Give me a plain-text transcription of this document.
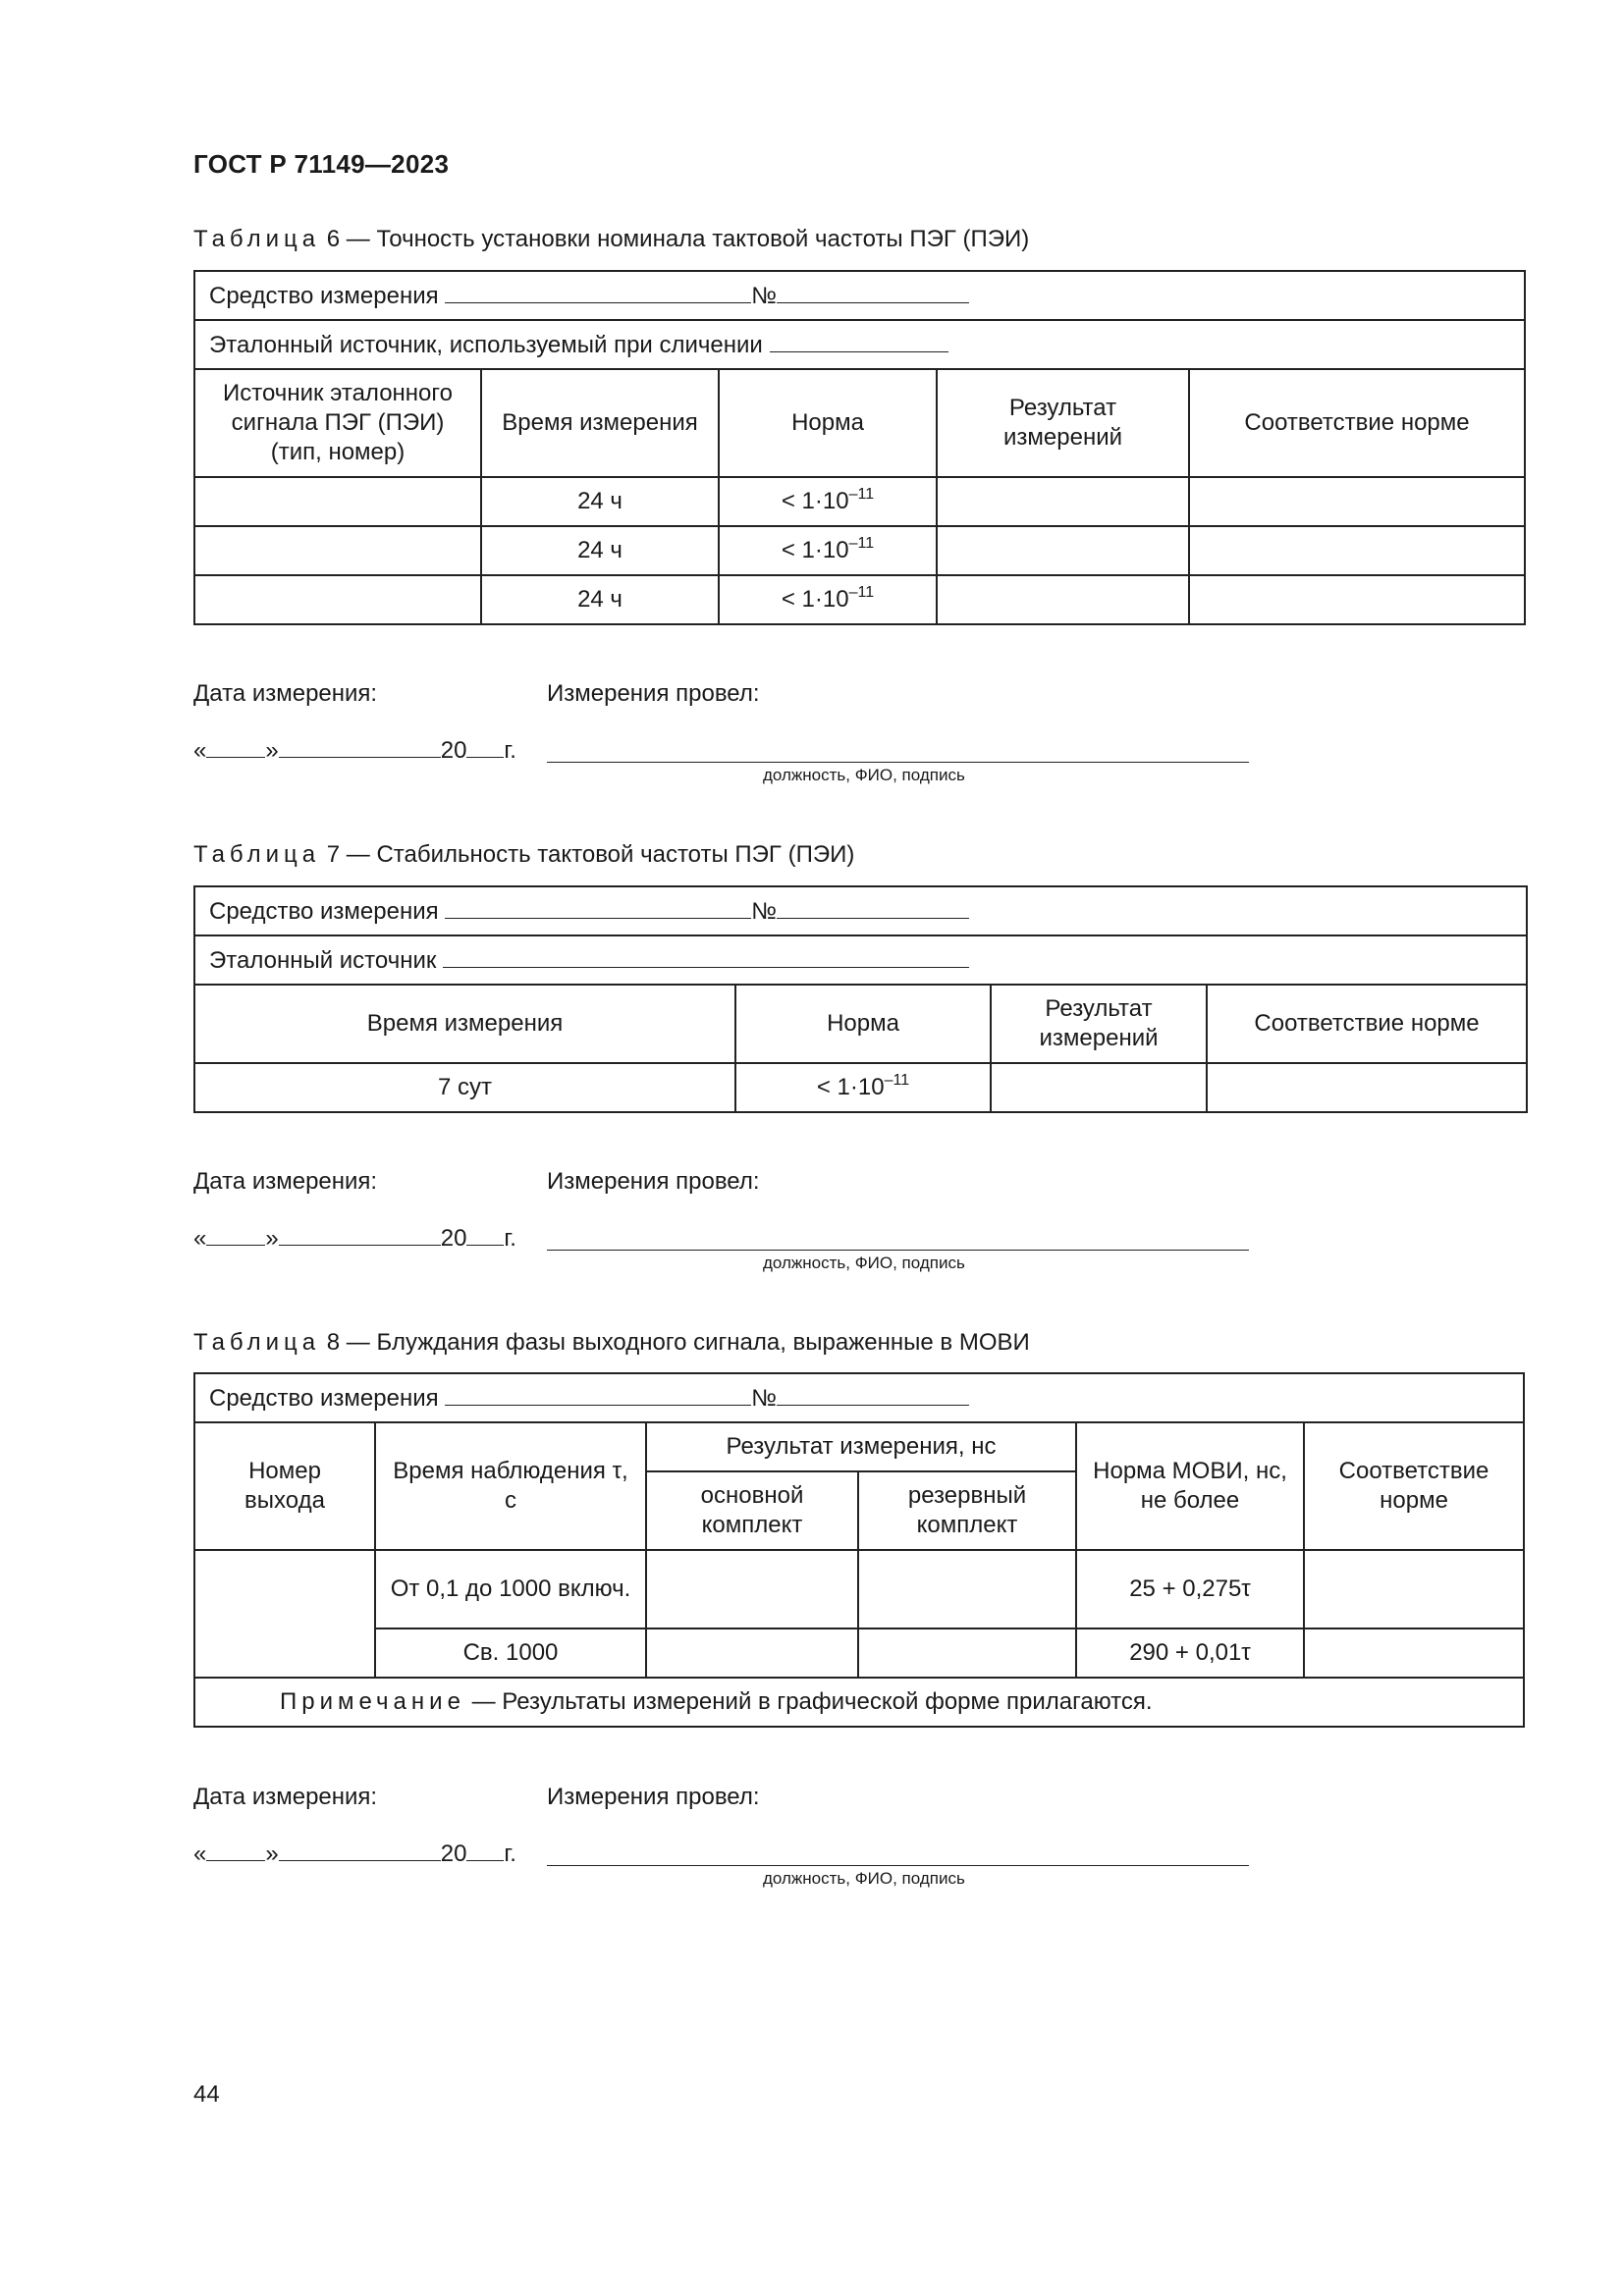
ГОСТ Р 71149—2023
Таблица 6 — Точность установки номинала тактовой частоты ПЭГ (ПЭИ)
Средство измерения №				
Эталонный источник, используемый при сличении				
Источник эталонного сигнала ПЭГ (ПЭИ) (тип, номер)	Время измерения	Норма	Результат измерений	Соответствие норме
	24 ч	< $1\cdot 10^{-11}$		
	24 ч	< $1\cdot 10^{-11}$		
	24 ч	< $1\cdot 10^{-11}$		
Дата измерения:	Измерения провел:
«	»	20 г.
должность, ФИО, подпись
Таблица 7 — Стабильность тактовой частоты ПЭГ (ПЭИ)
Средство измерения №			
Эталонный источник			
Время измерения	Норма	Результат измерений	Соответствие норме
7 сут	< $1\cdot 10^{-11}$		
Дата измерения:	Измерения провел:
«	»	20 г.
должность, ФИО, подпись
Таблица 8 — Блуждания фазы выходного сигнала, выраженные в МОВИ
Средство измерения №					
Номер выхода	Время наблюдения τ, с	Результат измерения, нс		Норма МОВИ, нс, не более	Соответствие норме
		основной комплект	резервный комплект		
	От 0,1 до 1000 включ.			25 + 0,275τ	
	Св. 1000			290 + 0,01τ	
Примечание — Результаты измерений в графической форме прилагаются.					
Дата измерения:	Измерения провел:
«	»	20 г.
должность, ФИО, подпись
44
